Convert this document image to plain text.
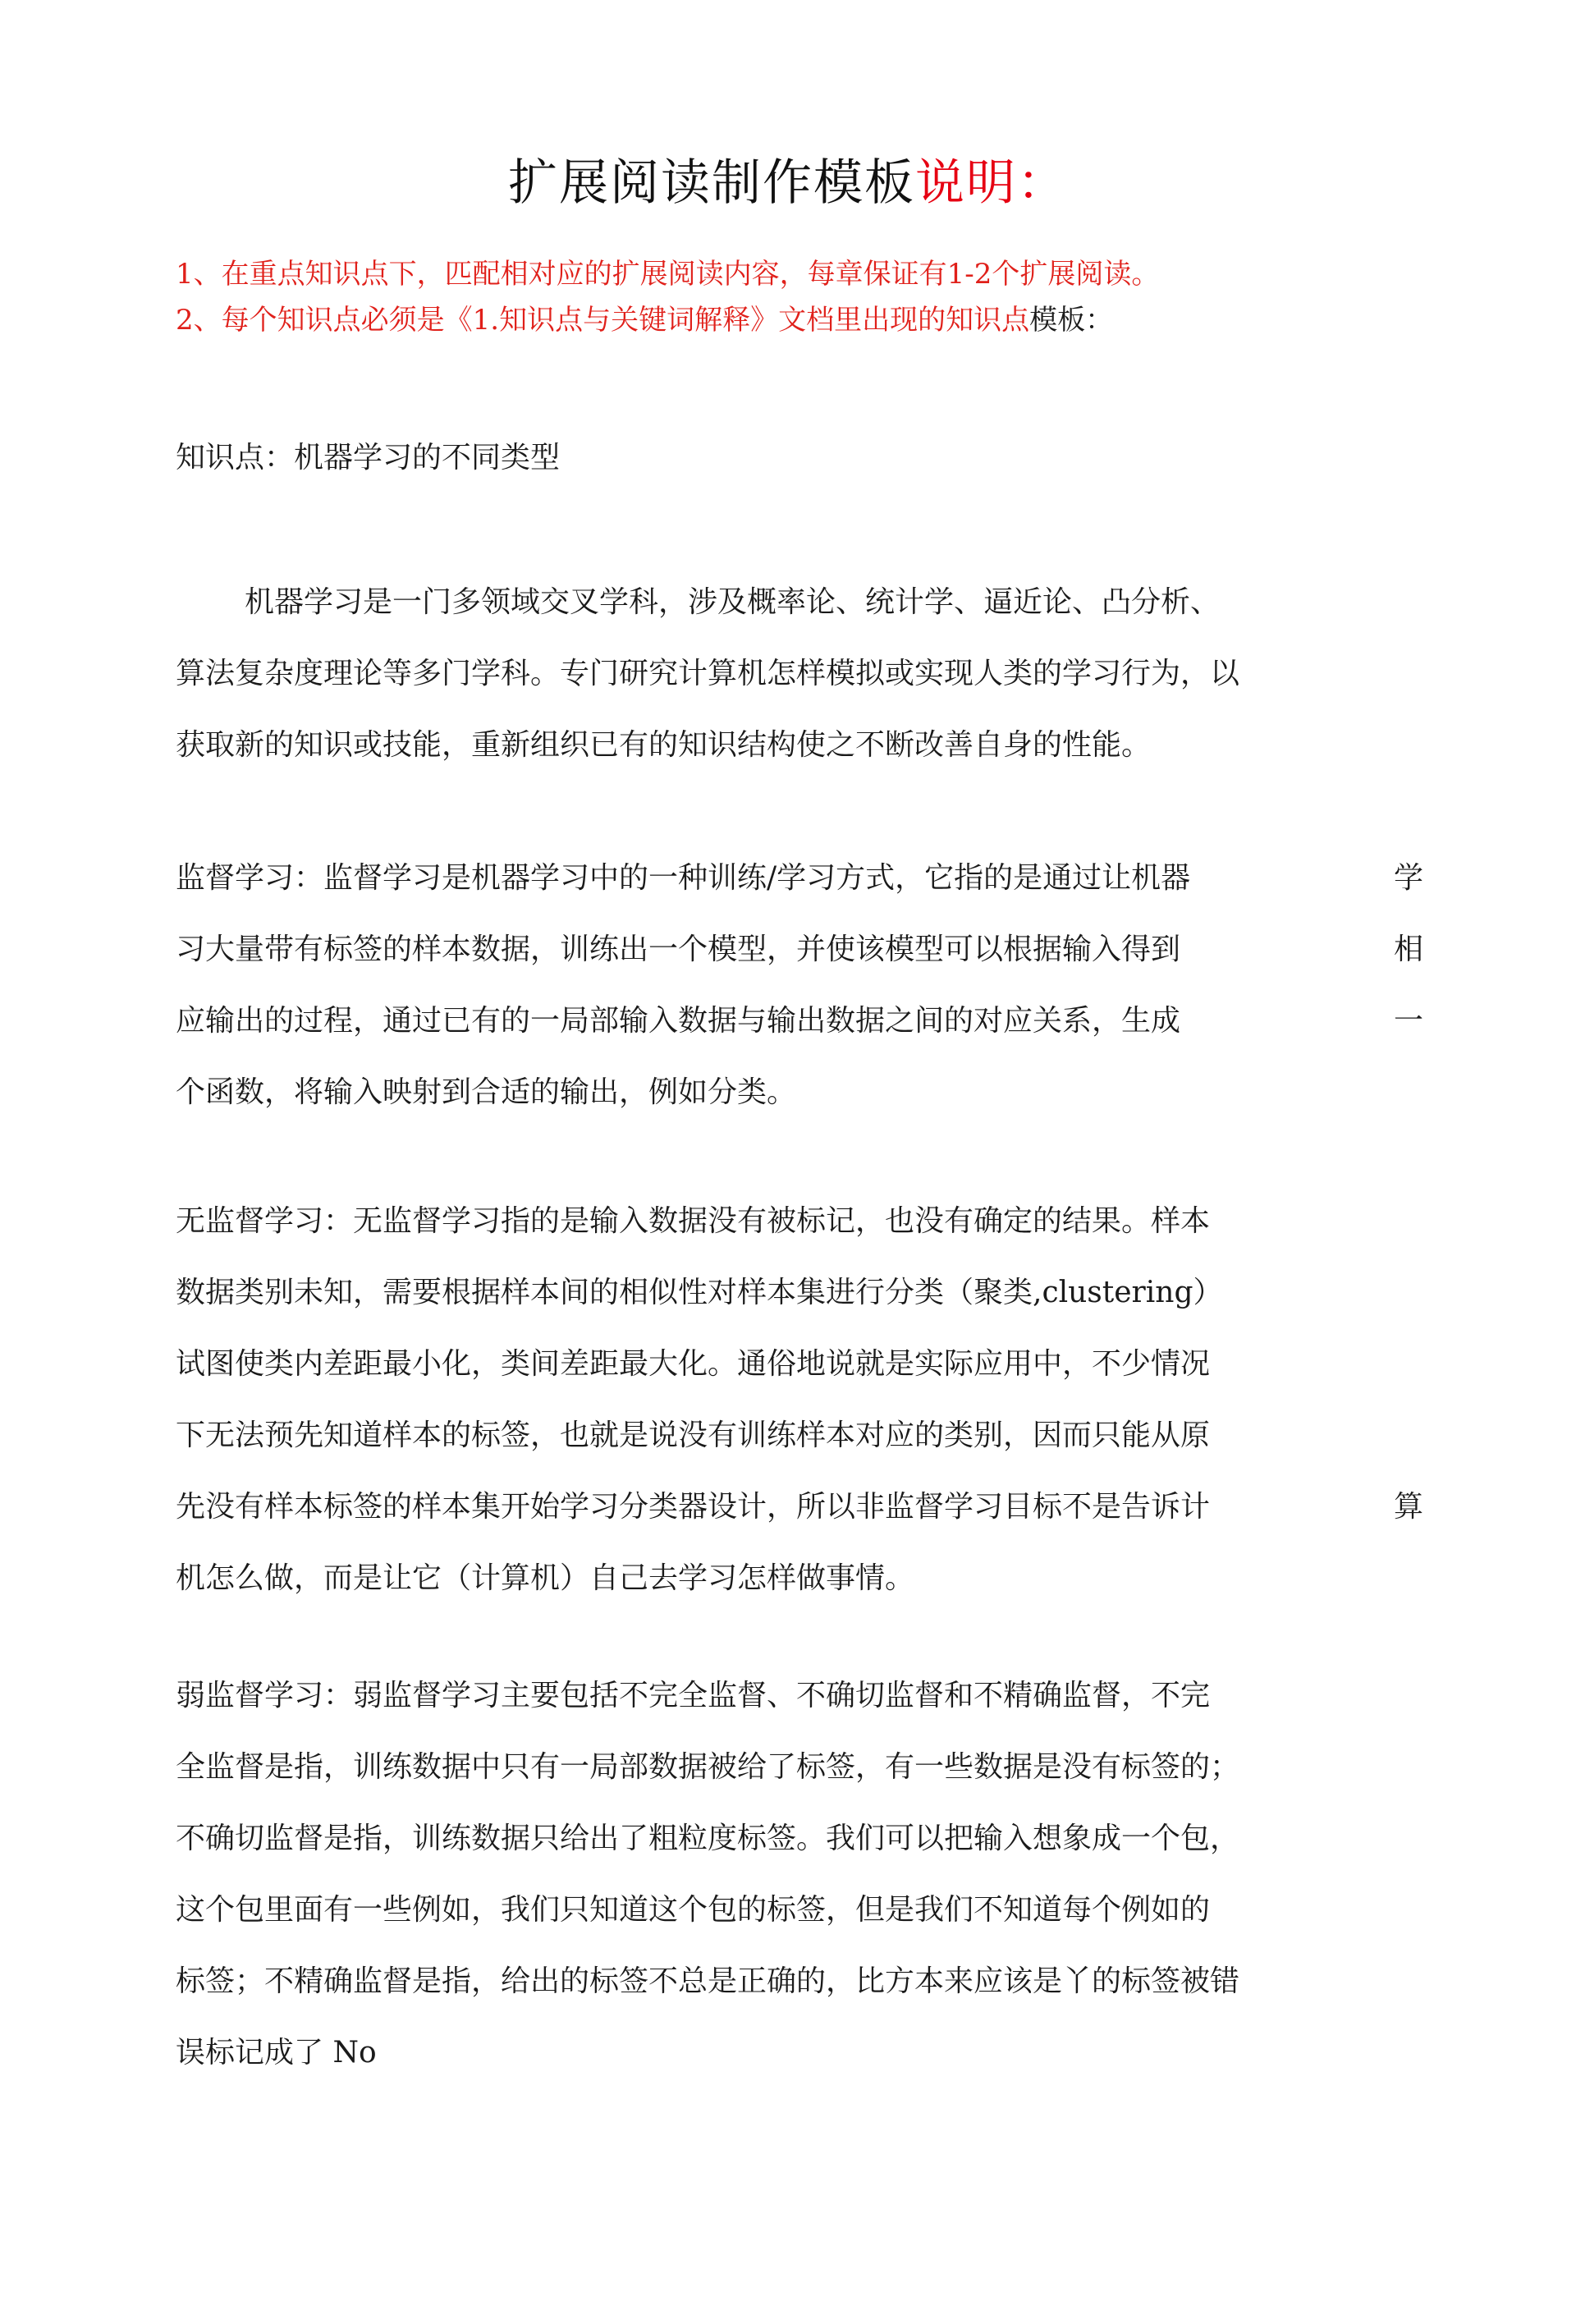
扩展阅读制作模板说明：
1、在重点知识点下，匹配相对应的扩展阅读内容，每章保证有1-2个扩展阅读。
2、每个知识点必须是《1.知识点与关键词解释》文档里出现的知识点模板：
知识点：机器学习的不同类型
机器学习是一门多领域交叉学科，涉及概率论、统计学、逼近论、凸分析、
算法复杂度理论等多门学科。专门研究计算机怎样模拟或实现人类的学习行为，以
获取新的知识或技能，重新组织已有的知识结构使之不断改善自身的性能。
监督学习：监督学习是机器学习中的一种训练/学习方式，它指的是通过让机器	学
习大量带有标签的样本数据，训练出一个模型，并使该模型可以根据输入得到	相
应输出的过程，通过已有的一局部输入数据与输出数据之间的对应关系，生成	一
个函数，将输入映射到合适的输出，例如分类。
无监督学习：无监督学习指的是输入数据没有被标记，也没有确定的结果。样本
数据类别未知，需要根据样本间的相似性对样本集进行分类（聚类,clustering）
试图使类内差距最小化，类间差距最大化。通俗地说就是实际应用中，不少情况
下无法预先知道样本的标签，也就是说没有训练样本对应的类别，因而只能从原
先没有样本标签的样本集开始学习分类器设计，所以非监督学习目标不是告诉计	算
机怎么做，而是让它（计算机）自己去学习怎样做事情。
弱监督学习：弱监督学习主要包括不完全监督、不确切监督和不精确监督，不完
全监督是指，训练数据中只有一局部数据被给了标签，有一些数据是没有标签的；
不确切监督是指，训练数据只给出了粗粒度标签。我们可以把输入想象成一个包，
这个包里面有一些例如，我们只知道这个包的标签，但是我们不知道每个例如的
标签；不精确监督是指，给出的标签不总是正确的，比方本来应该是丫的标签被错
误标记成了 No
